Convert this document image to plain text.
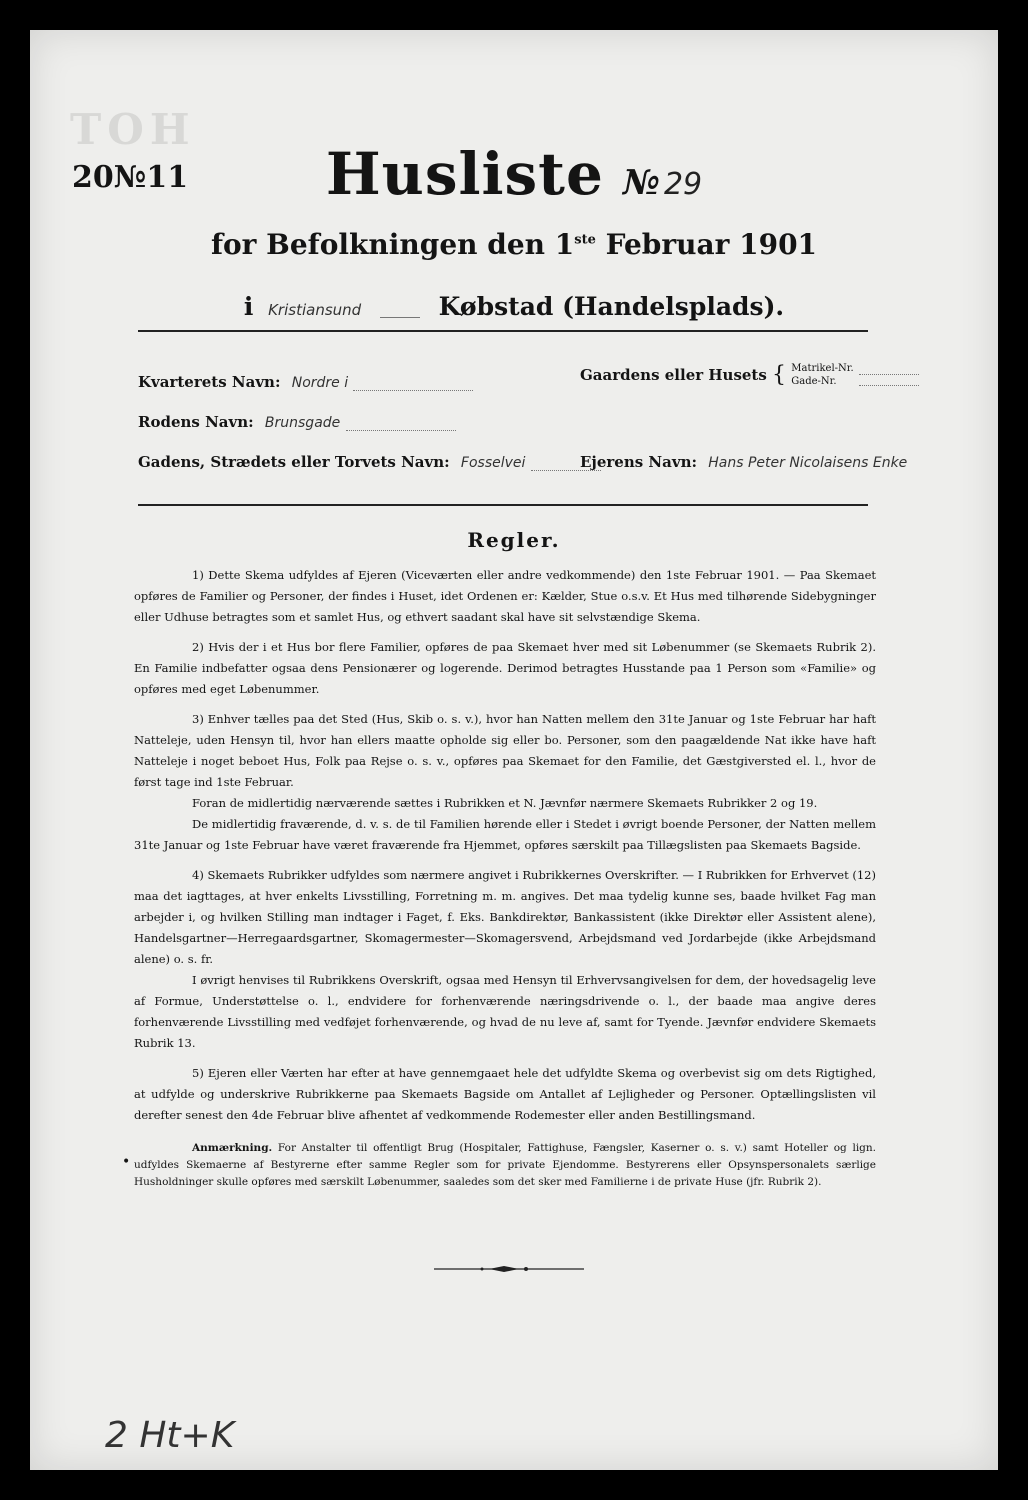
TOH
20№11	Husliste № 29
for Befolkningen den 1ste Februar 1901
i Kristiansund	Købstad (Handelsplads).
Kvarterets Navn: Nordre i	Gaardens eller Husets { Matrikel-Nr.
Gade-Nr.

Rodens Navn: Brunsgade
Gadens, Strædets eller Torvets Navn: Fosselvei	Ejerens Navn: Hans Peter Nicolaisens Enke
Regler.

1) Dette Skema udfyldes af Ejeren (Viceværten eller andre vedkommende) den 1ste Februar 1901. — Paa Skemaet opføres de Familier og Personer, der findes i Huset, idet Ordenen er: Kælder, Stue o.s.v. Et Hus med tilhørende Sidebygninger eller Udhuse betragtes som et samlet Hus, og ethvert saadant skal have sit selvstændige Skema.

2) Hvis der i et Hus bor flere Familier, opføres de paa Skemaet hver med sit Løbenummer (se Skemaets Rubrik 2). En Familie indbefatter ogsaa dens Pensionærer og logerende. Derimod betragtes Husstande paa 1 Person som «Familie» og opføres med eget Løbenummer.

3) Enhver tælles paa det Sted (Hus, Skib o. s. v.), hvor han Natten mellem den 31te Januar og 1ste Februar har haft Natteleje, uden Hensyn til, hvor han ellers maatte opholde sig eller bo. Personer, som den paagældende Nat ikke have haft Natteleje i noget beboet Hus, Folk paa Rejse o. s. v., opføres paa Skemaet for den Familie, det Gæstgiversted el. l., hvor de først tage ind 1ste Februar.

Foran de midlertidig nærværende sættes i Rubrikken et N. Jævnfør nærmere Skemaets Rubrikker 2 og 19.

De midlertidig fraværende, d. v. s. de til Familien hørende eller i Stedet i øvrigt boende Personer, der Natten mellem 31te Januar og 1ste Februar have været fraværende fra Hjemmet, opføres særskilt paa Tillægslisten paa Skemaets Bagside.

4) Skemaets Rubrikker udfyldes som nærmere angivet i Rubrikkernes Overskrifter. — I Rubrikken for Erhvervet (12) maa det iagttages, at hver enkelts Livsstilling, Forretning m. m. angives. Det maa tydelig kunne ses, baade hvilket Fag man arbejder i, og hvilken Stilling man indtager i Faget, f. Eks. Bankdirektør, Bankassistent (ikke Direktør eller Assistent alene), Handelsgartner—Herregaardsgartner, Skomagermester—Skomagersvend, Arbejdsmand ved Jordarbejde (ikke Arbejdsmand alene) o. s. fr.

I øvrigt henvises til Rubrikkens Overskrift, ogsaa med Hensyn til Erhvervsangivelsen for dem, der hovedsagelig leve af Formue, Understøttelse o. l., endvidere for forhenværende næringsdrivende o. l., der baade maa angive deres forhenværende Livsstilling med vedføjet forhenværende, og hvad de nu leve af, samt for Tyende. Jævnfør endvidere Skemaets Rubrik 13.

5) Ejeren eller Værten har efter at have gennemgaaet hele det udfyldte Skema og overbevist sig om dets Rigtighed, at udfylde og underskrive Rubrikkerne paa Skemaets Bagside om Antallet af Lejligheder og Personer. Optællingslisten vil derefter senest den 4de Februar blive afhentet af vedkommende Rodemester eller anden Bestillingsmand.

Anmærkning. For Anstalter til offentligt Brug (Hospitaler, Fattighuse, Fængsler, Kaserner o. s. v.) samt Hoteller og lign. udfyldes Skemaerne af Bestyrerne efter samme Regler som for private Ejendomme. Bestyrerens eller Opsynspersonalets særlige Husholdninger skulle opføres med særskilt Løbenummer, saaledes som det sker med Familierne i de private Huse (jfr. Rubrik 2).

•
2 Ht+K
